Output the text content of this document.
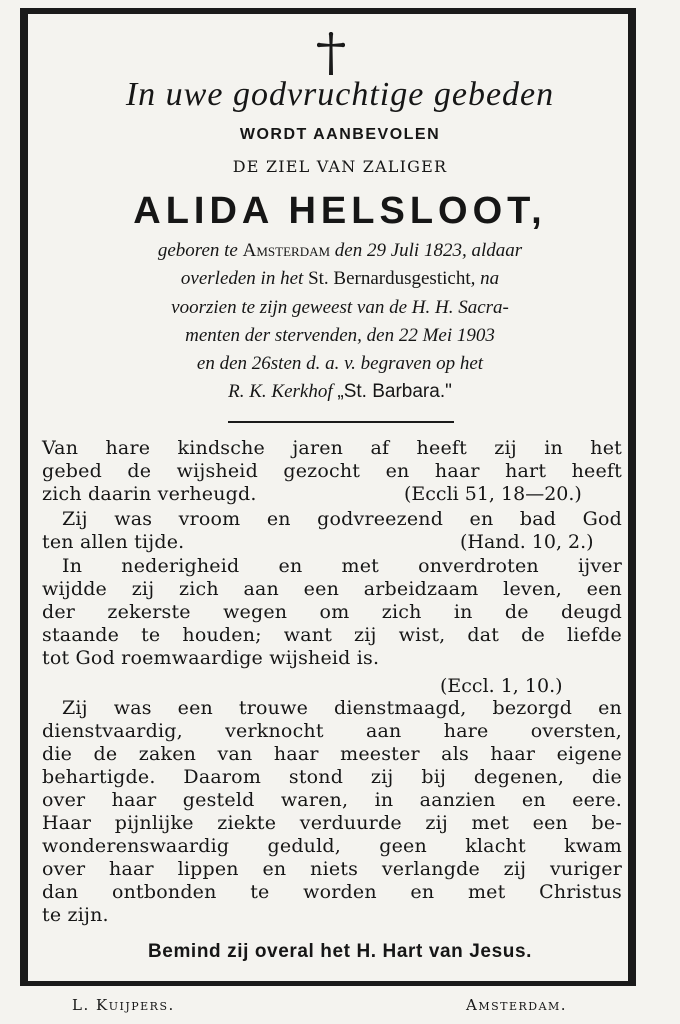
In uwe godvruchtige gebeden
WORDT AANBEVOLEN
DE ZIEL VAN ZALIGER
ALIDA HELSLOOT,
geboren te Amsterdam den 29 Juli 1823, aldaar
overleden in het St. Bernardusgesticht, na
voorzien te zijn geweest van de H. H. Sacra-
menten der stervenden, den 22 Mei 1903
en den 26sten d. a. v. begraven op het
R. K. Kerkhof „St. Barbara."
Van hare kindsche jaren af heeft zij in het
gebed de wijsheid gezocht en haar hart heeft
zich daarin verheugd.	(Eccli 51, 18—20.)
Zij was vroom en godvreezend en bad God
ten allen tijde.	(Hand. 10, 2.)
In nederigheid en met onverdroten ijver
wijdde zij zich aan een arbeidzaam leven, een
der zekerste wegen om zich in de deugd
staande te houden; want zij wist, dat de liefde
tot God roemwaardige wijsheid is.
(Eccl. 1, 10.)
Zij was een trouwe dienstmaagd, bezorgd en
dienstvaardig, verknocht aan hare oversten,
die de zaken van haar meester als haar eigene
behartigde. Daarom stond zij bij degenen, die
over haar gesteld waren, in aanzien en eere.
Haar pijnlijke ziekte verduurde zij met een be-
wonderenswaardig geduld, geen klacht kwam
over haar lippen en niets verlangde zij vuriger
dan ontbonden te worden en met Christus
te zijn.
Bemind zij overal het H. Hart van Jesus.
L. Kuijpers.	Amsterdam.
